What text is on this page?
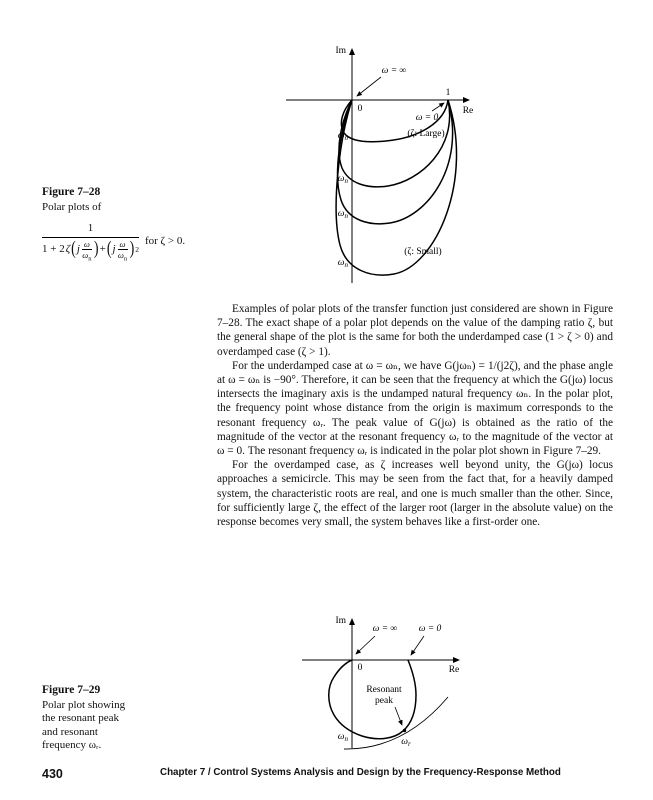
Figure 7–28
Polar plots of
1
1 + 2 ζ ( j ω
$\omega_n$ ) + ( j ω
$\omega_n$ ) 2
for ζ > 0.
Im
Re
0
1
ω = ∞
ω = 0
(ζ: Large)
(ζ: Small)
$\omega_n$
$\omega_n$
$\omega_n$
$\omega_n$

Examples of polar plots of the transfer function just considered are shown in Figure 7–28. The exact shape of a polar plot depends on the value of the damping ratio ζ, but the general shape of the plot is the same for both the underdamped case (1 > ζ > 0) and overdamped case (ζ > 1).

For the underdamped case at ω = ωₙ, we have G(jωₙ) = 1/(j2ζ), and the phase angle at ω = ωₙ is −90°. Therefore, it can be seen that the frequency at which the G(jω) locus intersects the imaginary axis is the undamped natural frequency ωₙ. In the polar plot, the frequency point whose distance from the origin is maximum corresponds to the resonant frequency ωᵣ. The peak value of G(jω) is obtained as the ratio of the magnitude of the vector at the resonant frequency ωᵣ to the magnitude of the vector at ω = 0. The resonant frequency ωᵣ is indicated in the polar plot shown in Figure 7–29.

For the overdamped case, as ζ increases well beyond unity, the G(jω) locus approaches a semicircle. This may be seen from the fact that, for a heavily damped system, the characteristic roots are real, and one is much smaller than the other. Since, for sufficiently large ζ, the effect of the larger root (larger in the absolute value) on the response becomes very small, the system behaves like a first-order one.

Figure 7–29
Polar plot showing
the resonant peak
and resonant
frequency ωᵣ.
Im
Re
0
ω = ∞ ω = 0
Resonant
peak
$\omega_n$	$\omega_r$
430	Chapter 7 / Control Systems Analysis and Design by the Frequency-Response Method
